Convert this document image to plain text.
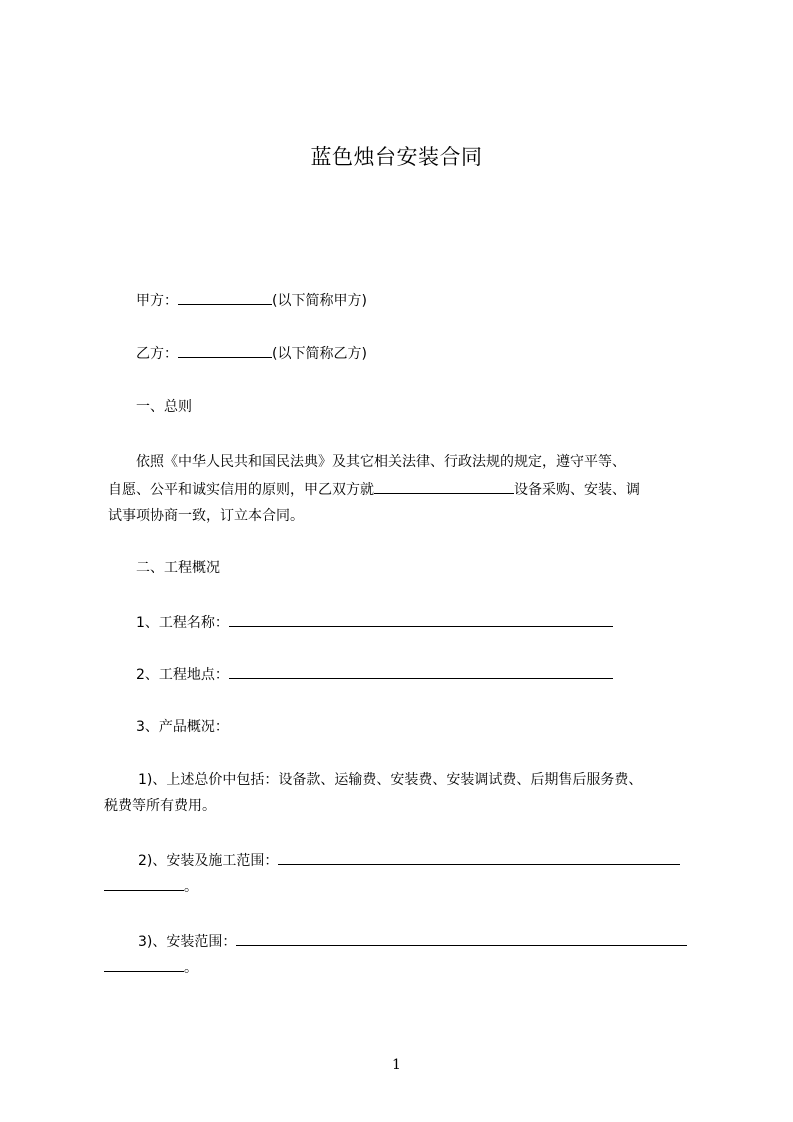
蓝色烛台安装合同
甲方：	(以下简称甲方)
乙方：	(以下简称乙方)
一、总则
依照《中华人民共和国民法典》及其它相关法律、行政法规的规定，遵守平等、
自愿、公平和诚实信用的原则，甲乙双方就	设备采购、安装、调
试事项协商一致，订立本合同。
二、工程概况
1、工程名称：
2、工程地点：
3、产品概况：
1)、上述总价中包括：设备款、运输费、安装费、安装调试费、后期售后服务费、
税费等所有费用。
2)、安装及施工范围：
。
3)、安装范围：
。
1
